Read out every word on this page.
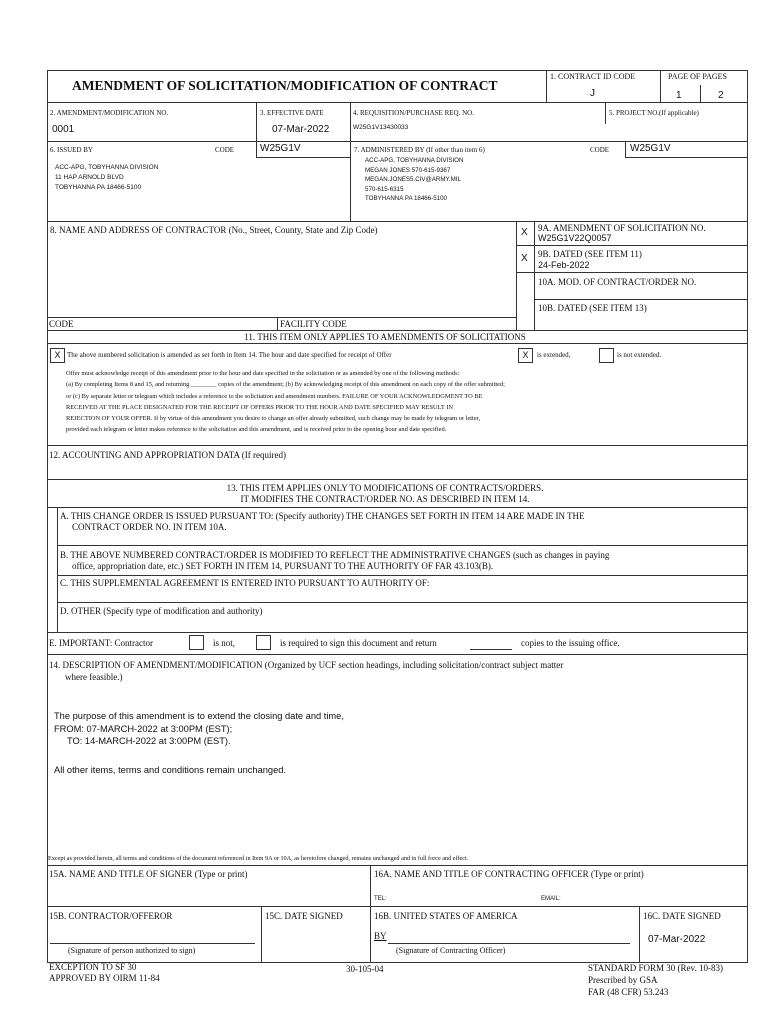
AMENDMENT OF SOLICITATION/MODIFICATION OF CONTRACT
1. CONTRACT ID CODE
J
PAGE OF PAGES
1	2
2. AMENDMENT/MODIFICATION NO.
0001
3. EFFECTIVE DATE
07-Mar-2022
4. REQUISITION/PURCHASE REQ. NO.
W25G1V13430033
5. PROJECT NO.(If applicable)
6. ISSUED BY	CODE	W25G1V
ACC-APG, TOBYHANNA DIVISION
11 HAP ARNOLD BLVD
TOBYHANNA PA 18466-5100
7. ADMINISTERED BY (If other than item 6)	CODE W25G1V
ACC-APG, TOBYHANNA DIVISION
MEGAN JONES 570-615-9367
MEGAN.JONES5.CIV@ARMY.MIL
570-615-6315
TOBYHANNA PA 18466-5100
8. NAME AND ADDRESS OF CONTRACTOR (No., Street, County, State and Zip Code)	X 9A. AMENDMENT OF SOLICITATION NO.
W25G1V22Q0057
X 9B. DATED (SEE ITEM 11)
24-Feb-2022
10A. MOD. OF CONTRACT/ORDER NO.
10B. DATED (SEE ITEM 13)
CODE	FACILITY CODE
11. THIS ITEM ONLY APPLIES TO AMENDMENTS OF SOLICITATIONS
X The above numbered solicitation is amended as set forth in Item 14. The hour and date specified for receipt of Offer	X	is extended,	is not extended.
Offer must acknowledge receipt of this amendment prior to the hour and date specified in the solicitation or as amended by one of the following methods:
(a) By completing Items 8 and 15, and returning ________ copies of the amendment; (b) By acknowledging receipt of this amendment on each copy of the offer submitted;
or (c) By separate letter or telegram which includes a reference to the solicitation and amendment numbers. FAILURE OF YOUR ACKNOWLEDGMENT TO BE
RECEIVED AT THE PLACE DESIGNATED FOR THE RECEIPT OF OFFERS PRIOR TO THE HOUR AND DATE SPECIFIED MAY RESULT IN
REJECTION OF YOUR OFFER. If by virtue of this amendment you desire to change an offer already submitted, such change may be made by telegram or letter,
provided each telegram or letter makes reference to the solicitation and this amendment, and is received prior to the opening hour and date specified.
12. ACCOUNTING AND APPROPRIATION DATA (If required)
13. THIS ITEM APPLIES ONLY TO MODIFICATIONS OF CONTRACTS/ORDERS.
IT MODIFIES THE CONTRACT/ORDER NO. AS DESCRIBED IN ITEM 14.
A. THIS CHANGE ORDER IS ISSUED PURSUANT TO: (Specify authority) THE CHANGES SET FORTH IN ITEM 14 ARE MADE IN THE
CONTRACT ORDER NO. IN ITEM 10A.
B. THE ABOVE NUMBERED CONTRACT/ORDER IS MODIFIED TO REFLECT THE ADMINISTRATIVE CHANGES (such as changes in paying
office, appropriation date, etc.) SET FORTH IN ITEM 14, PURSUANT TO THE AUTHORITY OF FAR 43.103(B).
C. THIS SUPPLEMENTAL AGREEMENT IS ENTERED INTO PURSUANT TO AUTHORITY OF:
D. OTHER (Specify type of modification and authority)
E. IMPORTANT: Contractor	is not,	is required to sign this document and return	copies to the issuing office.
14. DESCRIPTION OF AMENDMENT/MODIFICATION (Organized by UCF section headings, including solicitation/contract subject matter
where feasible.)
The purpose of this amendment is to extend the closing date and time,
FROM: 07-MARCH-2022 at 3:00PM (EST);
TO: 14-MARCH-2022 at 3:00PM (EST).
All other items, terms and conditions remain unchanged.
Except as provided herein, all terms and conditions of the document referenced in Item 9A or 10A, as heretofore changed, remains unchanged and in full force and effect.
15A. NAME AND TITLE OF SIGNER (Type or print)	16A. NAME AND TITLE OF CONTRACTING OFFICER (Type or print)
TEL:	EMAIL:
15B. CONTRACTOR/OFFEROR
(Signature of person authorized to sign)
15C. DATE SIGNED	16B. UNITED STATES OF AMERICA
BY
(Signature of Contracting Officer)
16C. DATE SIGNED
07-Mar-2022
EXCEPTION TO SF 30
APPROVED BY OIRM 11-84
30-105-04	STANDARD FORM 30 (Rev. 10-83)
Prescribed by GSA
FAR (48 CFR) 53.243
